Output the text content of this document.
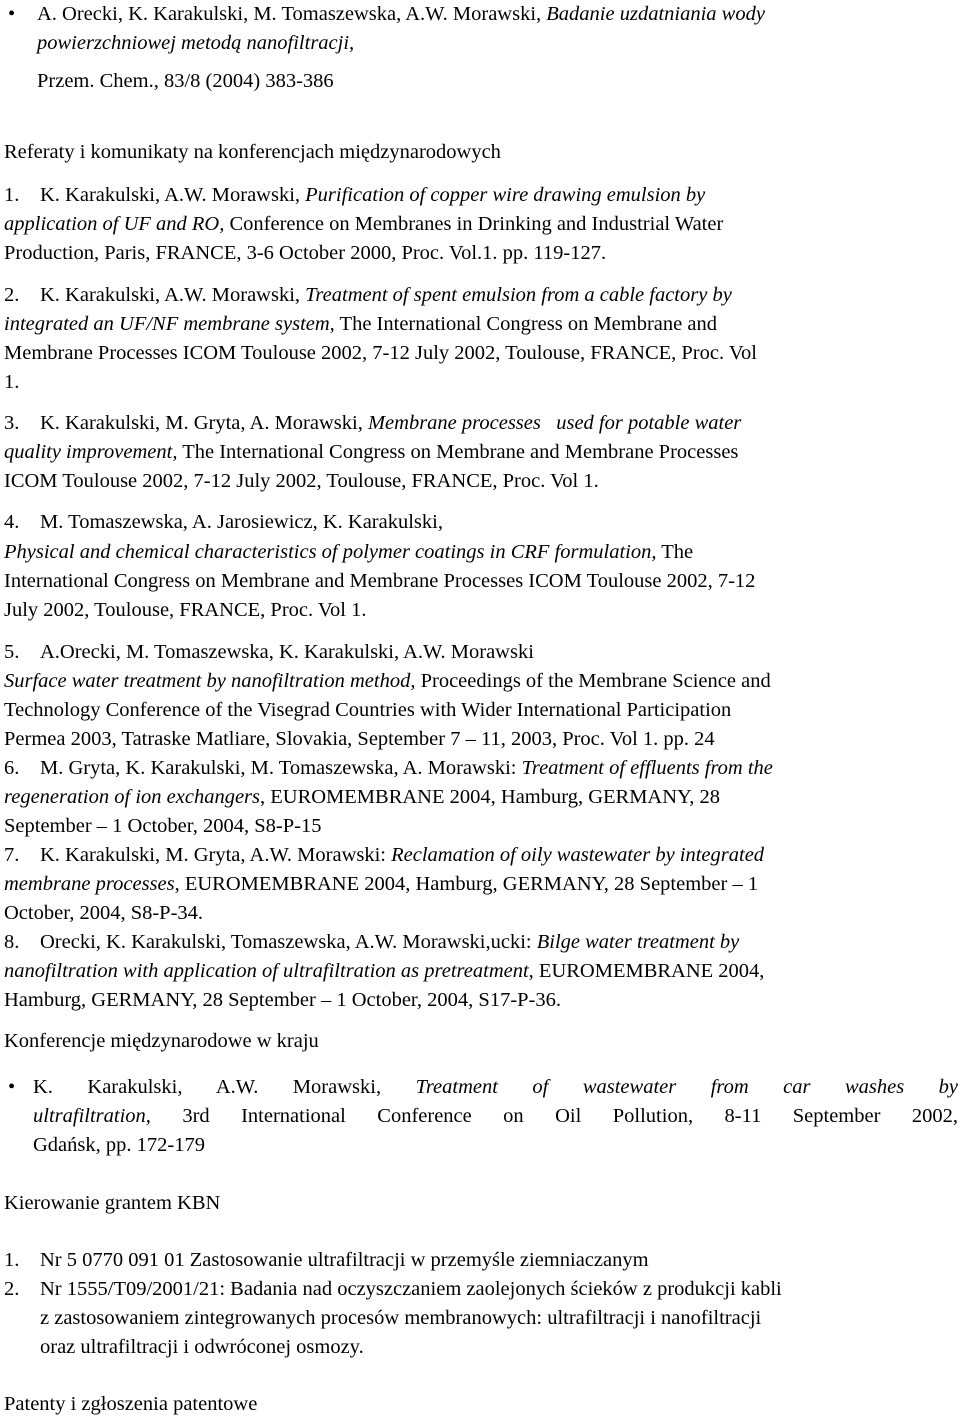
• A. Orecki, K. Karakulski, M. Tomaszewska, A.W. Morawski, Badanie uzdatniania wody
powierzchniowej metodą nanofiltracji,
Przem. Chem., 83/8 (2004) 383-386
Referaty i komunikaty na konferencjach międzynarodowych
1. K. Karakulski, A.W. Morawski, Purification of copper wire drawing emulsion by
application of UF and RO, Conference on Membranes in Drinking and Industrial Water
Production, Paris, FRANCE, 3-6 October 2000, Proc. Vol.1. pp. 119-127.
2. K. Karakulski, A.W. Morawski, Treatment of spent emulsion from a cable factory by
integrated an UF/NF membrane system, The International Congress on Membrane and
Membrane Processes ICOM Toulouse 2002, 7-12 July 2002, Toulouse, FRANCE, Proc. Vol
1.
3. K. Karakulski, M. Gryta, A. Morawski, Membrane processes   used for potable water
quality improvement, The International Congress on Membrane and Membrane Processes
ICOM Toulouse 2002, 7-12 July 2002, Toulouse, FRANCE, Proc. Vol 1.
4. M. Tomaszewska, A. Jarosiewicz, K. Karakulski,
Physical and chemical characteristics of polymer coatings in CRF formulation, The
International Congress on Membrane and Membrane Processes ICOM Toulouse 2002, 7-12
July 2002, Toulouse, FRANCE, Proc. Vol 1.
5. A.Orecki, M. Tomaszewska, K. Karakulski, A.W. Morawski
Surface water treatment by nanofiltration method, Proceedings of the Membrane Science and
Technology Conference of the Visegrad Countries with Wider International Participation
Permea 2003, Tatraske Matliare, Slovakia, September 7 – 11, 2003, Proc. Vol 1. pp. 24
6. M. Gryta, K. Karakulski, M. Tomaszewska, A. Morawski: Treatment of effluents from the
regeneration of ion exchangers, EUROMEMBRANE 2004, Hamburg, GERMANY, 28
September – 1 October, 2004, S8-P-15
7. K. Karakulski, M. Gryta, A.W. Morawski: Reclamation of oily wastewater by integrated
membrane processes, EUROMEMBRANE 2004, Hamburg, GERMANY, 28 September – 1
October, 2004, S8-P-34.
8. Orecki, K. Karakulski, Tomaszewska, A.W. Morawski,ucki: Bilge water treatment by
nanofiltration with application of ultrafiltration as pretreatment, EUROMEMBRANE 2004,
Hamburg, GERMANY, 28 September – 1 October, 2004, S17-P-36.
Konferencje międzynarodowe w kraju
• K. Karakulski, A.W. Morawski, Treatment of wastewater from car washes by
ultrafiltration, 3rd International Conference on Oil Pollution, 8-11 September 2002,
Gdańsk, pp. 172-179
Kierowanie grantem KBN
1. Nr 5 0770 091 01 Zastosowanie ultrafiltracji w przemyśle ziemniaczanym
2. Nr 1555/T09/2001/21: Badania nad oczyszczaniem zaolejonych ścieków z produkcji kabli
z zastosowaniem zintegrowanych procesów membranowych: ultrafiltracji i nanofiltracji
oraz ultrafiltracji i odwróconej osmozy.
Patenty i zgłoszenia patentowe
